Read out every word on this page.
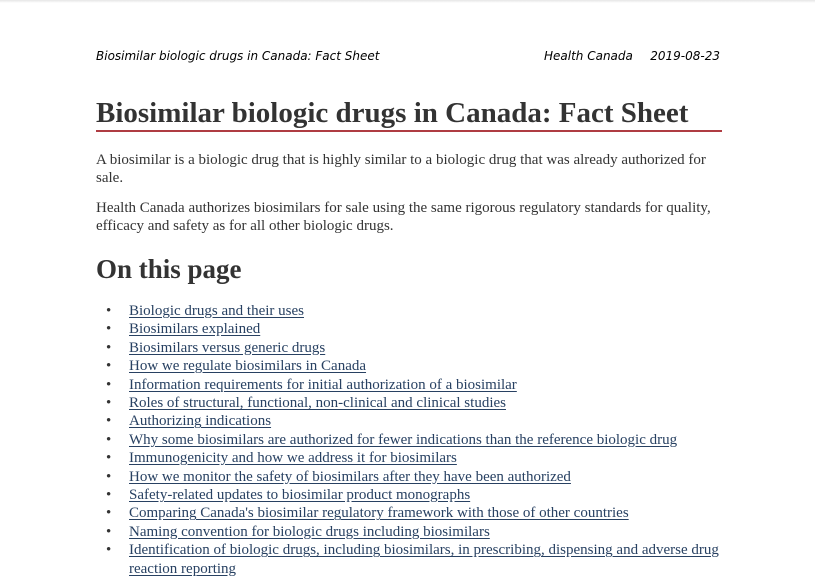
Biosimilar biologic drugs in Canada: Fact Sheet	Health Canada 2019-08-23
Biosimilar biologic drugs in Canada: Fact Sheet

A biosimilar is a biologic drug that is highly similar to a biologic drug that was already authorized for sale.

Health Canada authorizes biosimilars for sale using the same rigorous regulatory standards for quality, efficacy and safety as for all other biologic drugs.

On this page
• Biologic drugs and their uses
• Biosimilars explained
• Biosimilars versus generic drugs
• How we regulate biosimilars in Canada
• Information requirements for initial authorization of a biosimilar
• Roles of structural, functional, non-clinical and clinical studies
• Authorizing indications
• Why some biosimilars are authorized for fewer indications than the reference biologic drug
• Immunogenicity and how we address it for biosimilars
• How we monitor the safety of biosimilars after they have been authorized
• Safety-related updates to biosimilar product monographs
• Comparing Canada's biosimilar regulatory framework with those of other countries
• Naming convention for biologic drugs including biosimilars
• Identification of biologic drugs, including biosimilars, in prescribing, dispensing and adverse drug reaction reporting
